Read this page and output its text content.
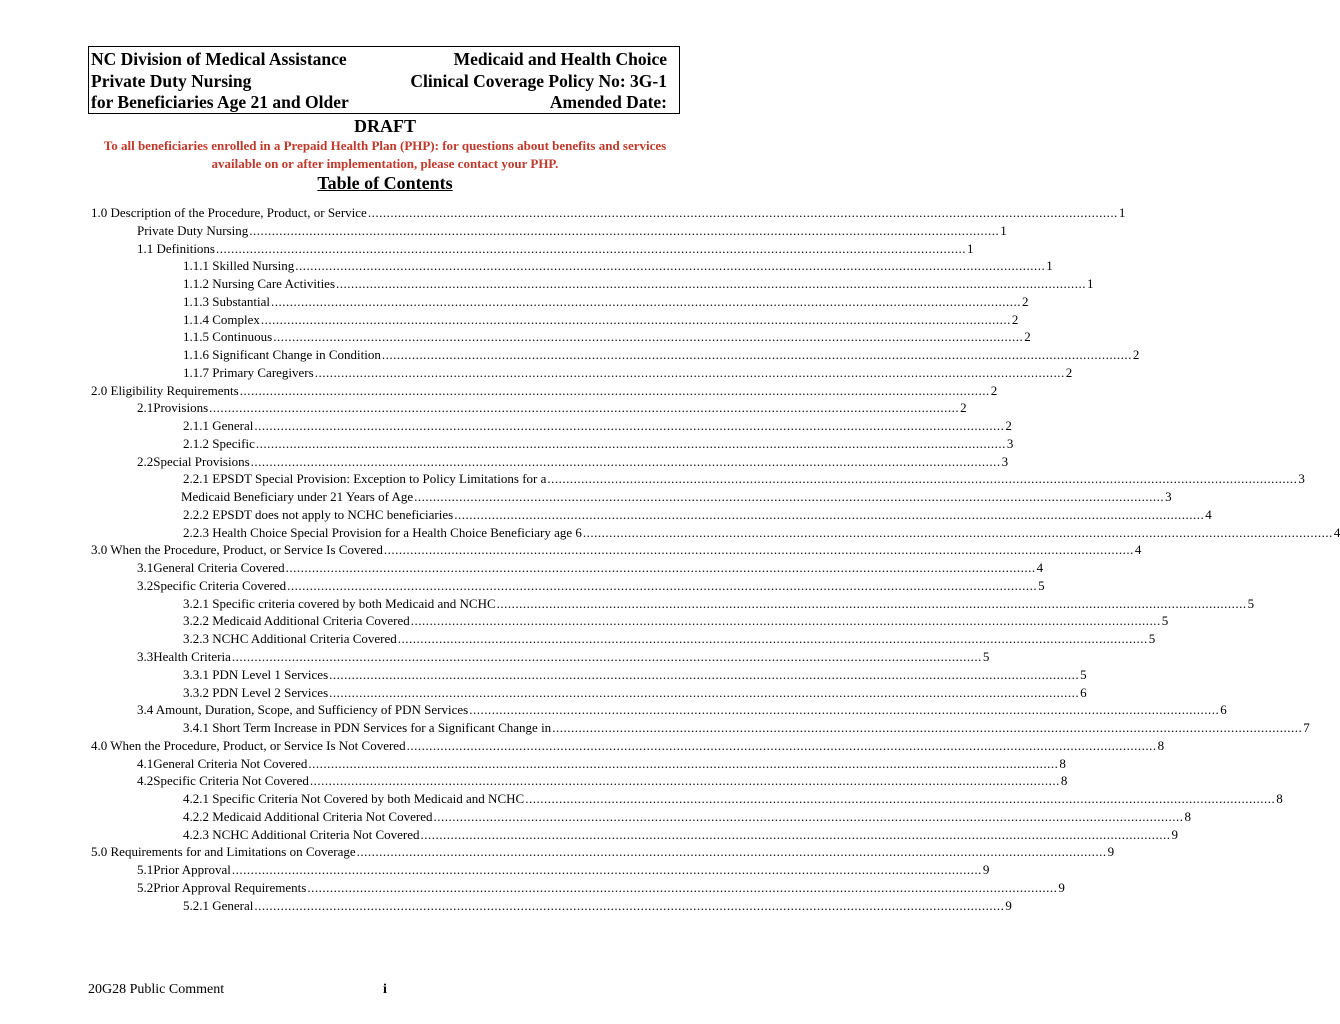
NC Division of Medical Assistance
Private Duty Nursing
for Beneficiaries Age 21 and Older
Medicaid and Health Choice
Clinical Coverage Policy No: 3G-1
Amended Date:
DRAFT
To all beneficiaries enrolled in a Prepaid Health Plan (PHP): for questions about benefits and services available on or after implementation, please contact your PHP.
Table of Contents
1.0 Description of the Procedure, Product, or Service ........................................................................................................................................................................................................ 1
Private Duty Nursing ........................................................................................................................................................................................................ 1
1.1 Definitions ........................................................................................................................................................................................................ 1
1.1.1 Skilled Nursing ........................................................................................................................................................................................................ 1
1.1.2 Nursing Care Activities ........................................................................................................................................................................................................ 1
1.1.3 Substantial ........................................................................................................................................................................................................ 2
1.1.4 Complex ........................................................................................................................................................................................................ 2
1.1.5 Continuous ........................................................................................................................................................................................................ 2
1.1.6 Significant Change in Condition ........................................................................................................................................................................................................ 2
1.1.7 Primary Caregivers ........................................................................................................................................................................................................ 2
2.0 Eligibility Requirements ........................................................................................................................................................................................................ 2
2.1 Provisions ........................................................................................................................................................................................................ 2
2.1.1 General ........................................................................................................................................................................................................ 2
2.1.2 Specific ........................................................................................................................................................................................................ 3
2.2 Special Provisions ........................................................................................................................................................................................................ 3
2.2.1 EPSDT Special Provision: Exception to Policy Limitations for a ........................................................................................................................................................................................................ 3
Medicaid Beneficiary under 21 Years of Age ........................................................................................................................................................................................................ 3
2.2.2 EPSDT does not apply to NCHC beneficiaries ........................................................................................................................................................................................................ 4
2.2.3 Health Choice Special Provision for a Health Choice Beneficiary age 6 ........................................................................................................................................................................................................ 4
3.0 When the Procedure, Product, or Service Is Covered ........................................................................................................................................................................................................ 4
3.1 General Criteria Covered ........................................................................................................................................................................................................ 4
3.2 Specific Criteria Covered ........................................................................................................................................................................................................ 5
3.2.1 Specific criteria covered by both Medicaid and NCHC ........................................................................................................................................................................................................ 5
3.2.2 Medicaid Additional Criteria Covered ........................................................................................................................................................................................................ 5
3.2.3 NCHC Additional Criteria Covered ........................................................................................................................................................................................................ 5
3.3 Health Criteria ........................................................................................................................................................................................................ 5
3.3.1 PDN Level 1 Services ........................................................................................................................................................................................................ 5
3.3.2 PDN Level 2 Services ........................................................................................................................................................................................................ 6
3.4 Amount, Duration, Scope, and Sufficiency of PDN Services ........................................................................................................................................................................................................ 6
3.4.1 Short Term Increase in PDN Services for a Significant Change in ........................................................................................................................................................................................................ 7
4.0 When the Procedure, Product, or Service Is Not Covered ........................................................................................................................................................................................................ 8
4.1 General Criteria Not Covered ........................................................................................................................................................................................................ 8
4.2 Specific Criteria Not Covered ........................................................................................................................................................................................................ 8
4.2.1 Specific Criteria Not Covered by both Medicaid and NCHC ........................................................................................................................................................................................................ 8
4.2.2 Medicaid Additional Criteria Not Covered ........................................................................................................................................................................................................ 8
4.2.3 NCHC Additional Criteria Not Covered ........................................................................................................................................................................................................ 9
5.0 Requirements for and Limitations on Coverage ........................................................................................................................................................................................................ 9
5.1 Prior Approval ........................................................................................................................................................................................................ 9
5.2 Prior Approval Requirements ........................................................................................................................................................................................................ 9
5.2.1 General ........................................................................................................................................................................................................ 9
20G28 Public Comment	i
